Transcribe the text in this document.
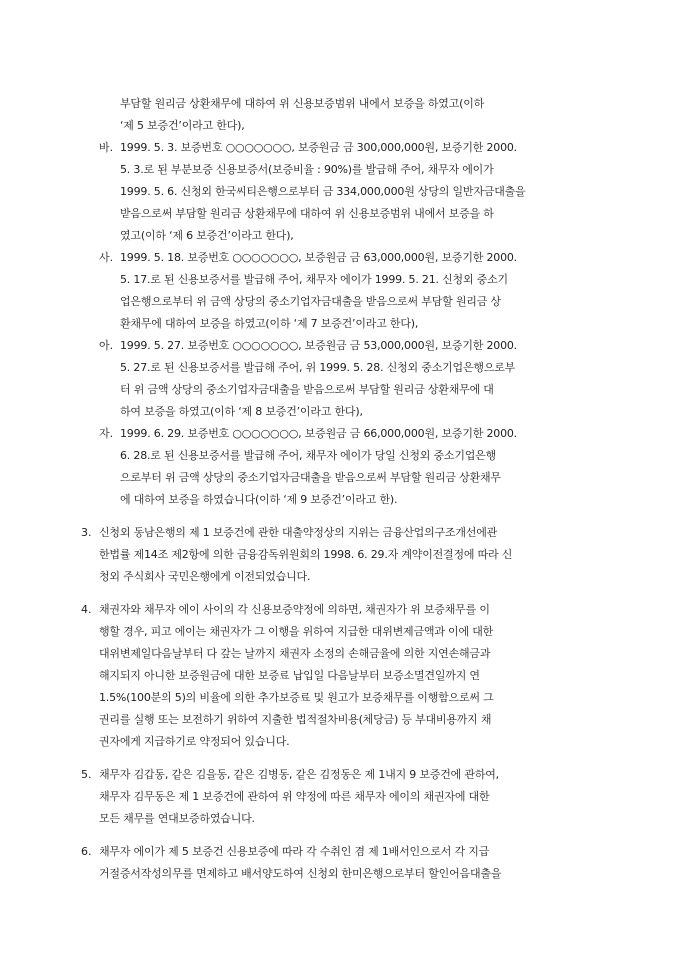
부담할 원리금 상환채무에 대하여 위 신용보증범위 내에서 보증을 하였고(이하
‘제 5 보증건’이라고 한다),
바. 1999. 5. 3. 보증번호 ○○○○○○○, 보증원금 금 300,000,000원, 보증기한 2000.
5. 3.로 된 부분보증 신용보증서(보증비율 : 90%)를 발급해 주어, 채무자 에이가
1999. 5. 6. 신청외 한국씨티은행으로부터 금 334,000,000원 상당의 일반자금대출을
받음으로써 부담할 원리금 상환채무에 대하여 위 신용보증범위 내에서 보증을 하
였고(이하 ‘제 6 보증건’이라고 한다),
사. 1999. 5. 18. 보증번호 ○○○○○○○, 보증원금 금 63,000,000원, 보증기한 2000.
5. 17.로 된 신용보증서를 발급해 주어, 채무자 에이가 1999. 5. 21. 신청외 중소기
업은행으로부터 위 금액 상당의 중소기업자금대출을 받음으로써 부담할 원리금 상
환채무에 대하여 보증을 하였고(이하 ‘제 7 보증건’이라고 한다),
아. 1999. 5. 27. 보증번호 ○○○○○○○, 보증원금 금 53,000,000원, 보증기한 2000.
5. 27.로 된 신용보증서를 발급해 주어, 위 1999. 5. 28. 신청외 중소기업은행으로부
터 위 금액 상당의 중소기업자금대출을 받음으로써 부담할 원리금 상환채무에 대
하여 보증을 하였고(이하 ‘제 8 보증건’이라고 한다),
자. 1999. 6. 29. 보증번호 ○○○○○○○, 보증원금 금 66,000,000원, 보증기한 2000.
6. 28.로 된 신용보증서를 발급해 주어, 채무자 에이가 당일 신청외 중소기업은행
으로부터 위 금액 상당의 중소기업자금대출을 받음으로써 부담할 원리금 상환채무
에 대하여 보증을 하였습니다(이하 ‘제 9 보증건’이라고 한).
3. 신청외 동남은행의 제 1 보증건에 관한 대출약정상의 지위는 금융산업의구조개선에관
한법률 제14조 제2항에 의한 금융감독위원회의 1998. 6. 29.자 계약이전결정에 따라 신
청외 주식회사 국민은행에게 이전되었습니다.
4. 채권자와 채무자 에이 사이의 각 신용보증약정에 의하면, 채권자가 위 보증채무를 이
행할 경우, 피고 에이는 채권자가 그 이행을 위하여 지급한 대위변제금액과 이에 대한
대위변제일다음날부터 다 갚는 날까지 채권자 소정의 손해금율에 의한 지연손해금과
해지되지 아니한 보증원금에 대한 보증료 납입일 다음날부터 보증소멸견일까지 연
1.5%(100분의 5)의 비율에 의한 추가보증료 및 원고가 보증채무를 이행함으로써 그
권리를 실행 또는 보전하기 위하여 지출한 법적절차비용(체당금) 등 부대비용까지 채
권자에게 지급하기로 약정되어 있습니다.
5. 채무자 김갑동, 같은 김을동, 같은 김병동, 같은 김정동은 제 1내지 9 보증건에 관하여,
채무자 김무동은 제 1 보증건에 관하여 위 약정에 따른 채무자 에이의 채권자에 대한
모든 채무를 연대보증하였습니다.
6. 채무자 에이가 제 5 보증건 신용보증에 따라 각 수취인 겸 제 1배서인으로서 각 지급
거절증서작성의무를 면제하고 배서양도하여 신청외 한미은행으로부터 할인어음대출을
